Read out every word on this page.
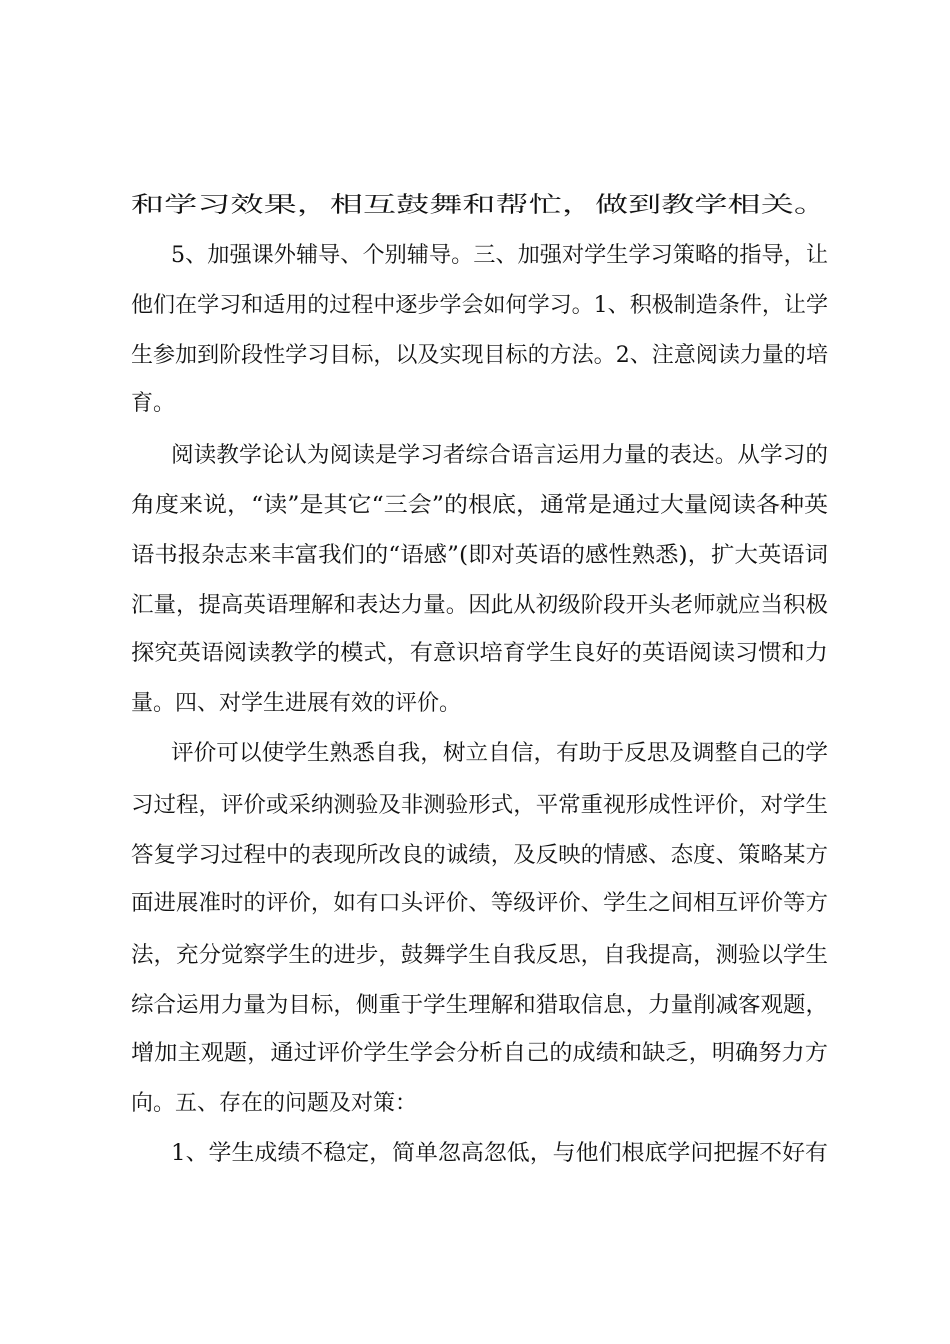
和学习效果，相互鼓舞和帮忙，做到教学相关。
5、加强课外辅导、个别辅导。三、加强对学生学习策略的指导，让
他们在学习和适用的过程中逐步学会如何学习。1、积极制造条件，让学
生参加到阶段性学习目标，以及实现目标的方法。2、注意阅读力量的培
育。
阅读教学论认为阅读是学习者综合语言运用力量的表达。从学习的
角度来说，“读”是其它“三会”的根底，通常是通过大量阅读各种英
语书报杂志来丰富我们的“语感”(即对英语的感性熟悉)，扩大英语词
汇量，提高英语理解和表达力量。因此从初级阶段开头老师就应当积极
探究英语阅读教学的模式，有意识培育学生良好的英语阅读习惯和力
量。四、对学生进展有效的评价。
评价可以使学生熟悉自我，树立自信，有助于反思及调整自己的学
习过程，评价或采纳测验及非测验形式，平常重视形成性评价，对学生
答复学习过程中的表现所改良的诚绩，及反映的情感、态度、策略某方
面进展准时的评价，如有口头评价、等级评价、学生之间相互评价等方
法，充分觉察学生的进步，鼓舞学生自我反思，自我提高，测验以学生
综合运用力量为目标，侧重于学生理解和猎取信息，力量削减客观题，
增加主观题，通过评价学生学会分析自己的成绩和缺乏，明确努力方
向。五、存在的问题及对策：
1、学生成绩不稳定，简单忽高忽低，与他们根底学问把握不好有
